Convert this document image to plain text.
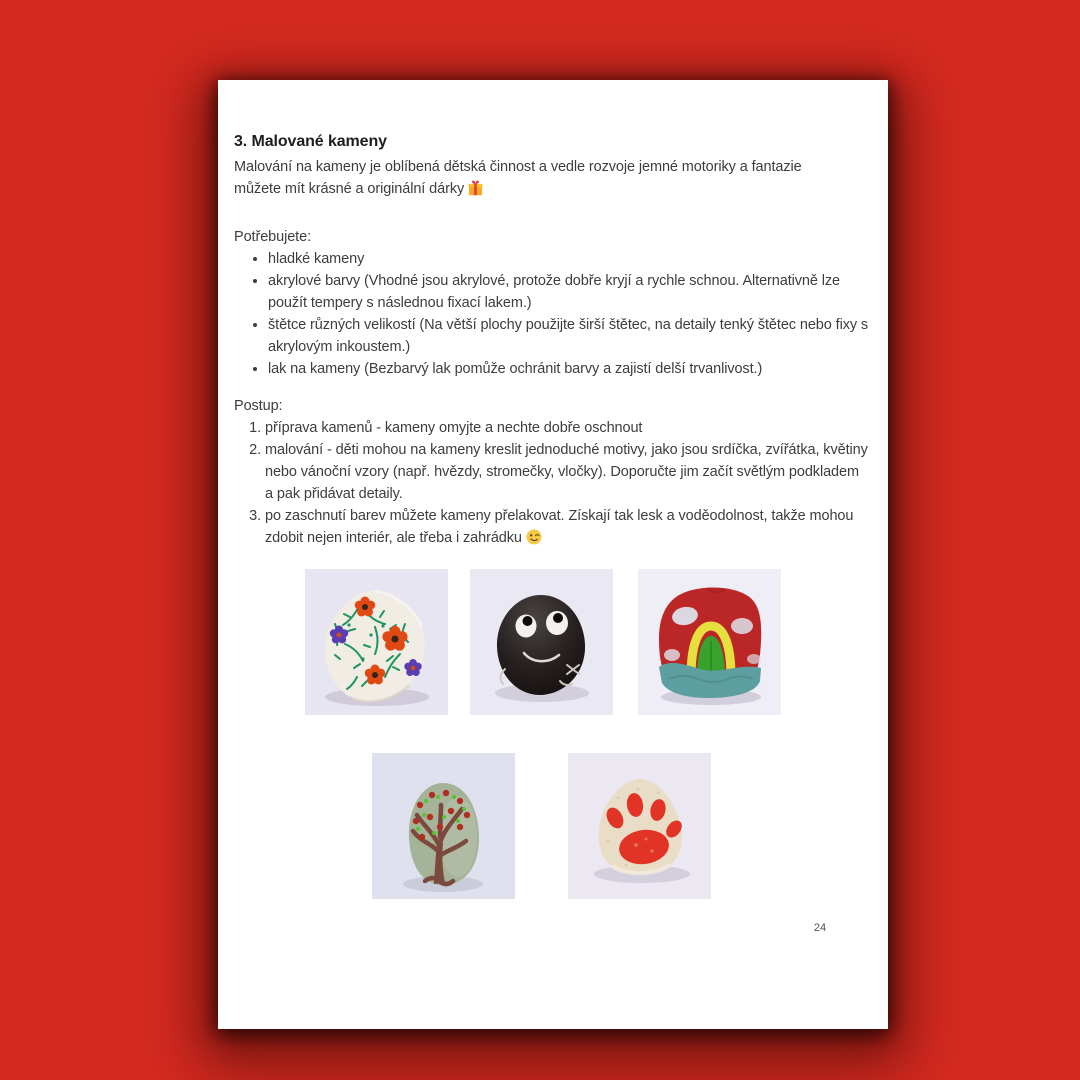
3. Malované kameny

Malování na kameny je oblíbená dětská činnost a vedle rozvoje jemné motoriky a fantazie můžete mít krásné a originální dárky

Potřebujete:

• hladké kameny
• akrylové barvy (Vhodné jsou akrylové, protože dobře kryjí a rychle schnou. Alternativně lze použít tempery s následnou fixací lakem.)
• štětce různých velikostí (Na větší plochy použijte širší štětec, na detaily tenký štětec nebo fixy s akrylovým inkoustem.)
• lak na kameny (Bezbarvý lak pomůže ochránit barvy a zajistí delší trvanlivost.)

Postup:

1. příprava kamenů - kameny omyjte a nechte dobře oschnout
2. malování - děti mohou na kameny kreslit jednoduché motivy, jako jsou srdíčka, zvířátka, květiny nebo vánoční vzory (např. hvězdy, stromečky, vločky). Doporučte jim začít světlým podkladem a pak přidávat detaily.
3. po zaschnutí barev můžete kameny přelakovat. Získají tak lesk a voděodolnost, takže mohou zdobit nejen interiér, ale třeba i zahrádku
24
